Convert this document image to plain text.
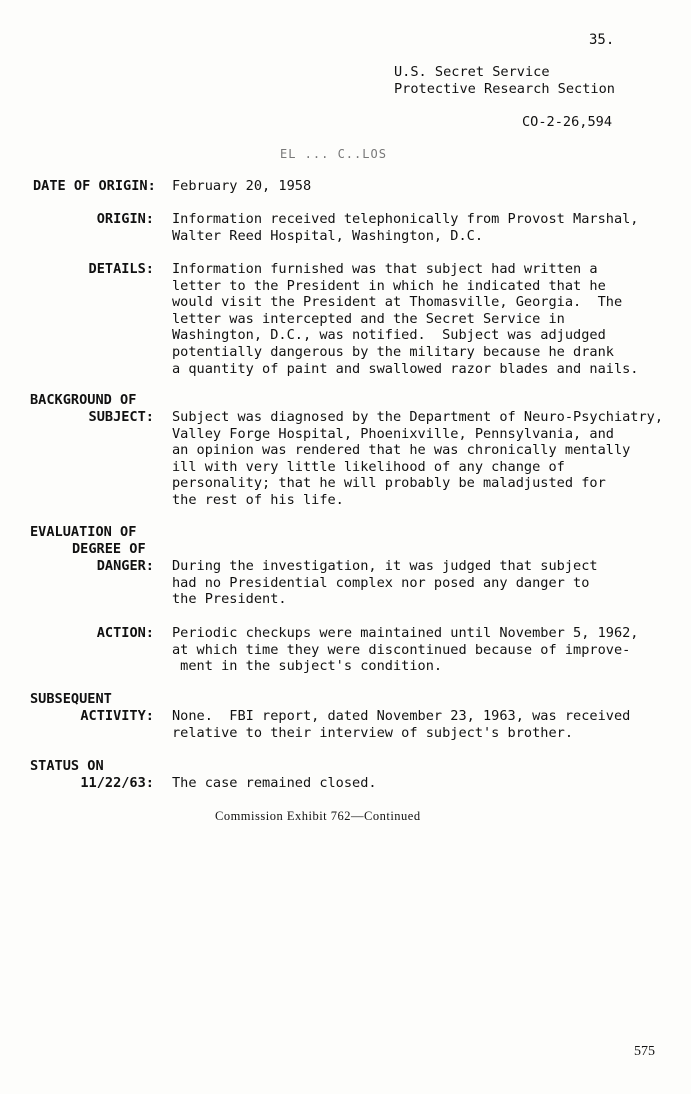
35.
U.S. Secret Service
Protective Research Section
CO-2-26,594
EL ... C..LOS
DATE OF ORIGIN: February 20, 1958
ORIGIN: Information received telephonically from Provost Marshal,
Walter Reed Hospital, Washington, D.C.
DETAILS: Information furnished was that subject had written a
letter to the President in which he indicated that he
would visit the President at Thomasville, Georgia.  The
letter was intercepted and the Secret Service in
Washington, D.C., was notified.  Subject was adjudged
potentially dangerous by the military because he drank
a quantity of paint and swallowed razor blades and nails.
BACKGROUND OF
SUBJECT: Subject was diagnosed by the Department of Neuro-Psychiatry,
Valley Forge Hospital, Phoenixville, Pennsylvania, and
an opinion was rendered that he was chronically mentally
ill with very little likelihood of any change of
personality; that he will probably be maladjusted for
the rest of his life.
EVALUATION OF
DEGREE OF
DANGER: During the investigation, it was judged that subject
had no Presidential complex nor posed any danger to
the President.
ACTION: Periodic checkups were maintained until November 5, 1962,
at which time they were discontinued because of improve-
ment in the subject's condition.
SUBSEQUENT
ACTIVITY: None.  FBI report, dated November 23, 1963, was received
relative to their interview of subject's brother.
STATUS ON
11/22/63: The case remained closed.
Commission Exhibit 762—Continued
575
